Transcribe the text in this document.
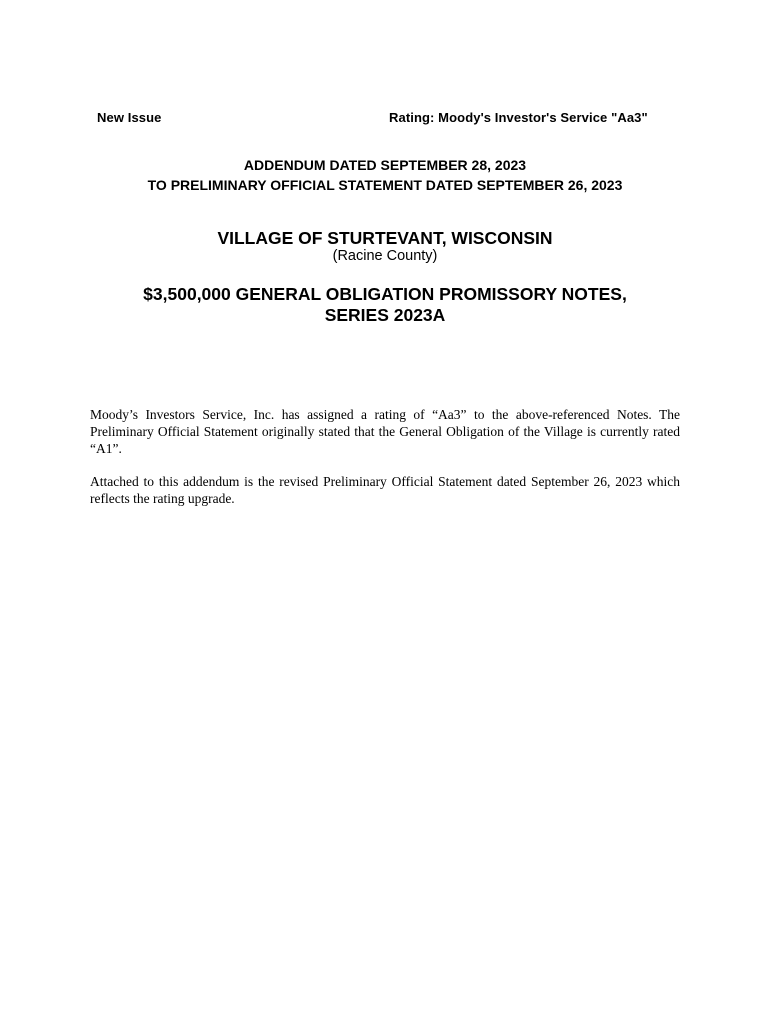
New Issue	Rating: Moody's Investor's Service "Aa3"
ADDENDUM DATED SEPTEMBER 28, 2023
TO PRELIMINARY OFFICIAL STATEMENT DATED SEPTEMBER 26, 2023
VILLAGE OF STURTEVANT, WISCONSIN
(Racine County)
$3,500,000 GENERAL OBLIGATION PROMISSORY NOTES,
SERIES 2023A
Moody’s Investors Service, Inc. has assigned a rating of “Aa3” to the above-referenced Notes. The Preliminary Official Statement originally stated that the General Obligation of the Village is currently rated “A1”.
Attached to this addendum is the revised Preliminary Official Statement dated September 26, 2023 which reflects the rating upgrade.
